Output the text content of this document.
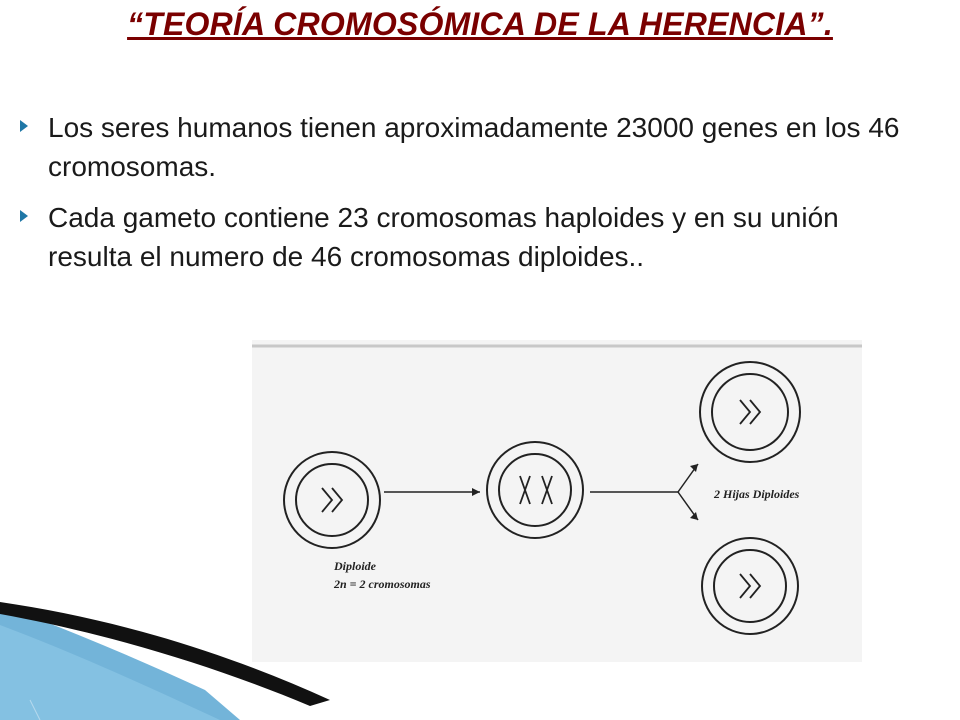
“TEORÍA CROMOSÓMICA DE LA HERENCIA”.
Los seres humanos tienen aproximadamente 23000 genes en los 46 cromosomas.
Cada gameto contiene 23 cromosomas haploides y en su unión resulta el numero de 46 cromosomas diploides..
2 Hijas Diploides
Diploide
2n = 2 cromosomas
